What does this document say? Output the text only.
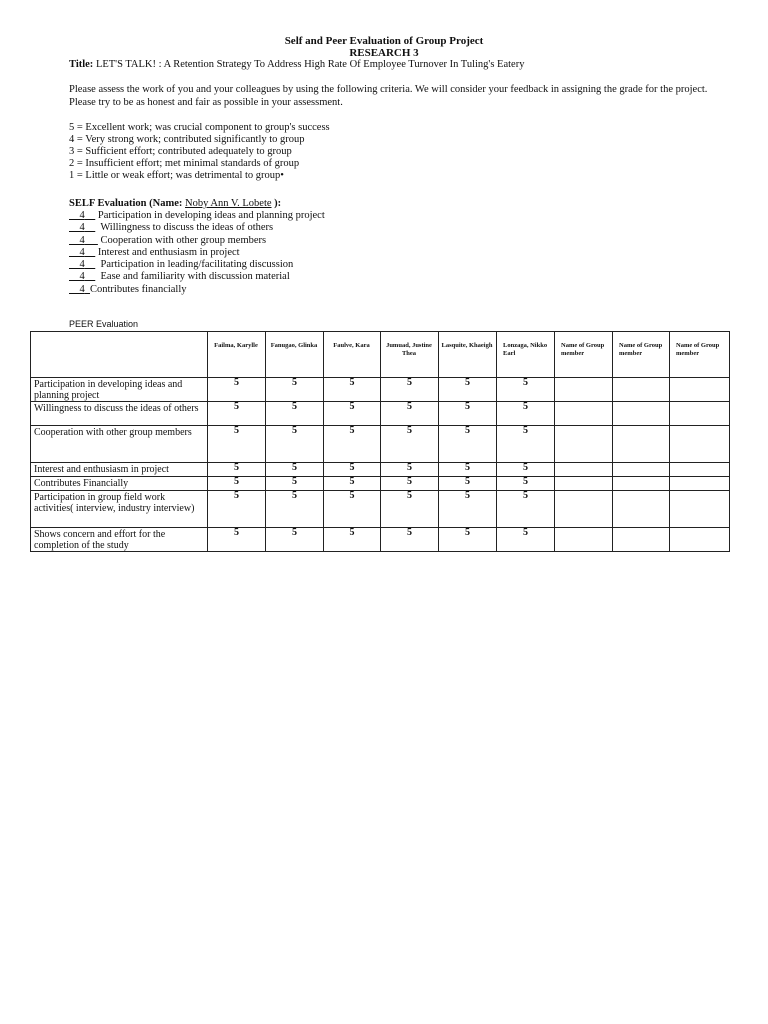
Self and Peer Evaluation of Group Project
RESEARCH 3
Title: LET'S TALK! : A Retention Strategy To Address High Rate Of Employee Turnover In Tuling's Eatery
Please assess the work of you and your colleagues by using the following criteria. We will consider your feedback in assigning the grade for the project. Please try to be as honest and fair as possible in your assessment.
5 = Excellent work; was crucial component to group's success
4 = Very strong work; contributed significantly to group
3 = Sufficient effort; contributed adequately to group
2 = Insufficient effort; met minimal standards of group
1 = Little or weak effort; was detrimental to group•
SELF Evaluation (Name: Noby Ann V. Lobete ):
4 Participation in developing ideas and planning project
4 Willingness to discuss the ideas of others
4 Cooperation with other group members
4 Interest and enthusiasm in project
4 Participation in leading/facilitating discussion
4 Ease and familiarity with discussion material
4 Contributes financially
PEER Evaluation
	Failma, Karylle	Fanugao, Glinka	Faulve, Kara	Jumuad, Justine Thea	Lasquite, Khaeigh	Lonzaga, Nikko Earl	Name of Group member	Name of Group member	Name of Group member
Participation in developing ideas and planning project	5	5	5	5	5	5			
Willingness to discuss the ideas of others	5	5	5	5	5	5			
Cooperation with other group members	5	5	5	5	5	5			
Interest and enthusiasm in project	5	5	5	5	5	5			
Contributes Financially	5	5	5	5	5	5			
Participation in group field work activities( interview, industry interview)	5	5	5	5	5	5			
Shows concern and effort for the completion of the study	5	5	5	5	5	5			
